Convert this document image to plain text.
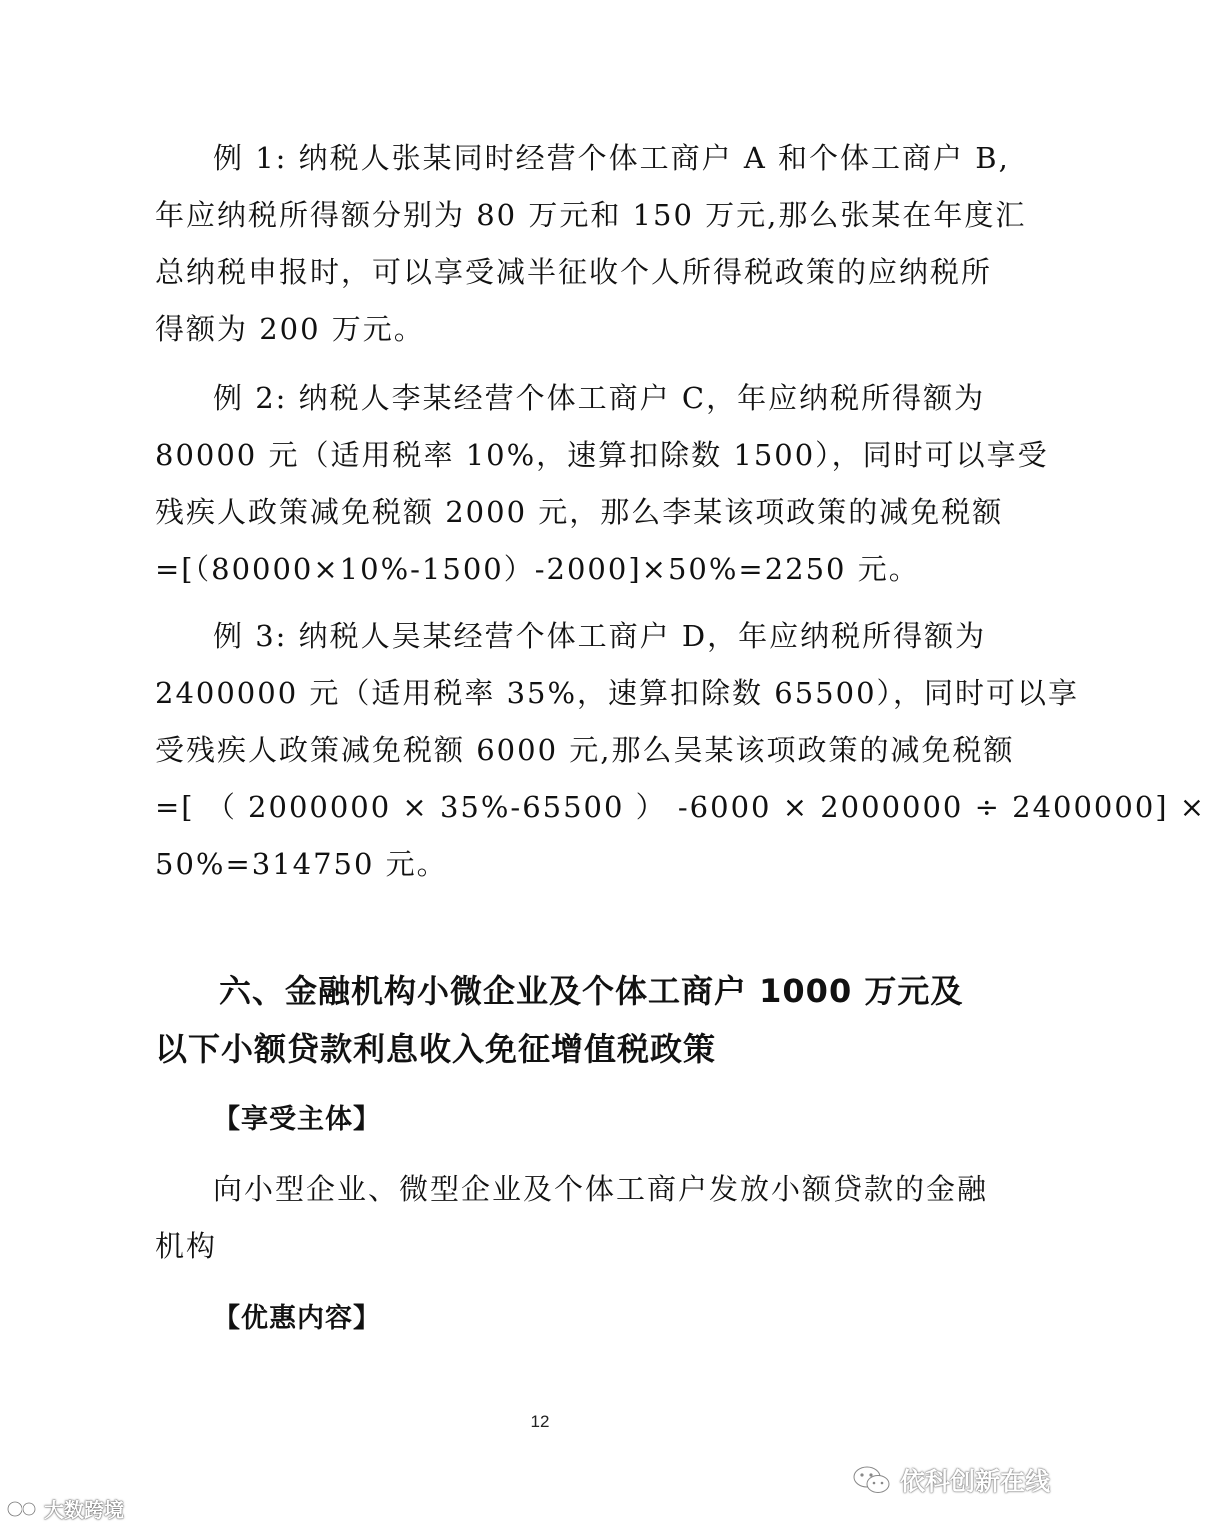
例 1: 纳税人张某同时经营个体工商户 A 和个体工商户 B,
年应纳税所得额分别为 80 万元和 150 万元,那么张某在年度汇
总纳税申报时，可以享受减半征收个人所得税政策的应纳税所
得额为 200 万元。
例 2: 纳税人李某经营个体工商户 C，年应纳税所得额为
80000 元（适用税率 10%，速算扣除数 1500），同时可以享受
残疾人政策减免税额 2000 元，那么李某该项政策的减免税额
=[（80000×10%-1500）-2000]×50%=2250 元。
例 3: 纳税人吴某经营个体工商户 D，年应纳税所得额为
2400000 元（适用税率 35%，速算扣除数 65500），同时可以享
受残疾人政策减免税额 6000 元,那么吴某该项政策的减免税额
=[ （ 2000000 × 35%-65500 ） -6000 × 2000000 ÷ 2400000] ×
50%=314750 元。
六、金融机构小微企业及个体工商户 1000 万元及
以下小额贷款利息收入免征增值税政策
【享受主体】
向小型企业、微型企业及个体工商户发放小额贷款的金融
机构
【优惠内容】
12
大数跨境
依科创新在线
